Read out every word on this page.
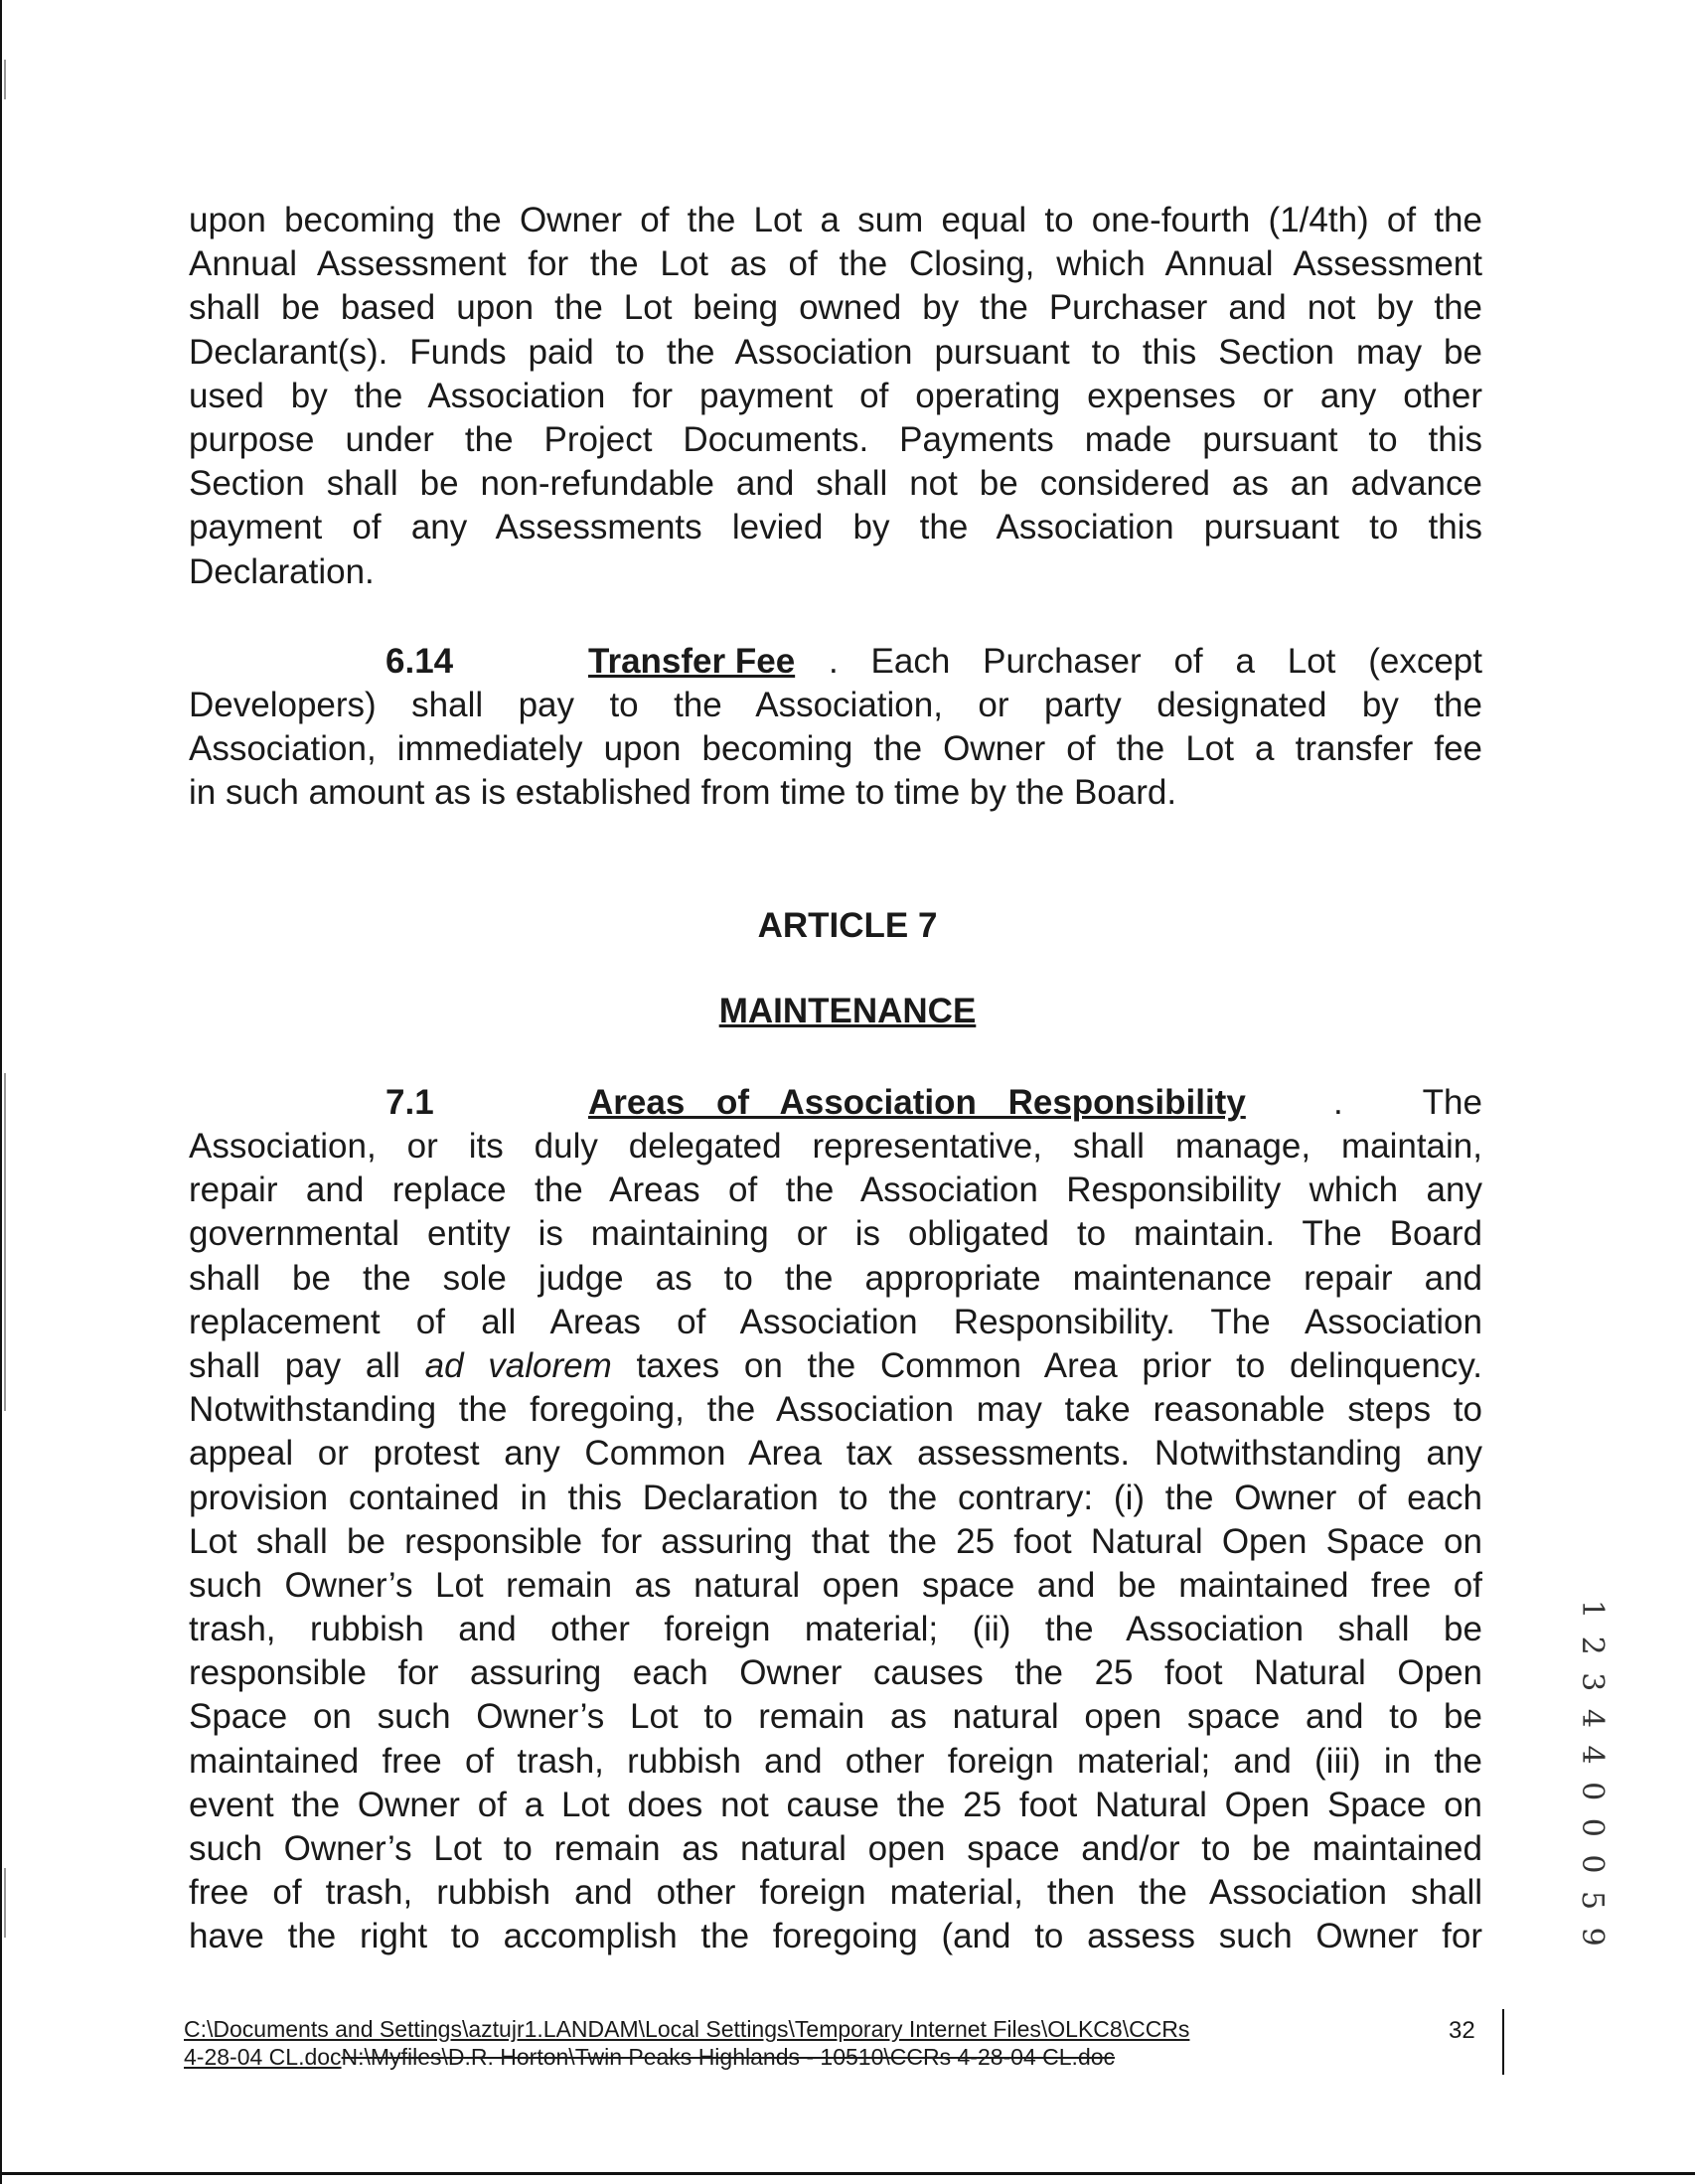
upon becoming the Owner of the Lot a sum equal to one-fourth (1/4th) of the
Annual Assessment for the Lot as of the Closing, which Annual Assessment
shall be based upon the Lot being owned by the Purchaser and not by the
Declarant(s). Funds paid to the Association pursuant to this Section may be
used by the Association for payment of operating expenses or any other
purpose under the Project Documents. Payments made pursuant to this
Section shall be non-refundable and shall not be considered as an advance
payment of any Assessments levied by the Association pursuant to this
Declaration.
6.14	Transfer Fee . Each Purchaser of a Lot (except
Developers) shall pay to the Association, or party designated by the
Association, immediately upon becoming the Owner of the Lot a transfer fee
in such amount as is established from time to time by the Board.
ARTICLE 7
MAINTENANCE
7.1	Areas of Association Responsibility	. The
Association, or its duly delegated representative, shall manage, maintain,
repair and replace the Areas of the Association Responsibility which any
governmental entity is maintaining or is obligated to maintain. The Board
shall be the sole judge as to the appropriate maintenance repair and
replacement of all Areas of Association Responsibility. The Association
shall pay all ad valorem taxes on the Common Area prior to delinquency.
Notwithstanding the foregoing, the Association may take reasonable steps to
appeal or protest any Common Area tax assessments. Notwithstanding any
provision contained in this Declaration to the contrary: (i) the Owner of each
Lot shall be responsible for assuring that the 25 foot Natural Open Space on
such Owner’s Lot remain as natural open space and be maintained free of
trash, rubbish and other foreign material; (ii) the Association shall be
responsible for assuring each Owner causes the 25 foot Natural Open
Space on such Owner’s Lot to remain as natural open space and to be
maintained free of trash, rubbish and other foreign material; and (iii) in the
event the Owner of a Lot does not cause the 25 foot Natural Open Space on
such Owner’s Lot to remain as natural open space and/or to be maintained
free of trash, rubbish and other foreign material, then the Association shall
have the right to accomplish the foregoing (and to assess such Owner for
C:\Documents and Settings\aztujr1.LANDAM\Local Settings\Temporary Internet Files\OLKC8\CCRs
4-28-04 CL.docN:\Myfiles\D.R. Horton\Twin Peaks Highlands - 10510\CCRs 4-28-04 CL.doc
32
1 2 3 4 4 0 0 0 5 9
